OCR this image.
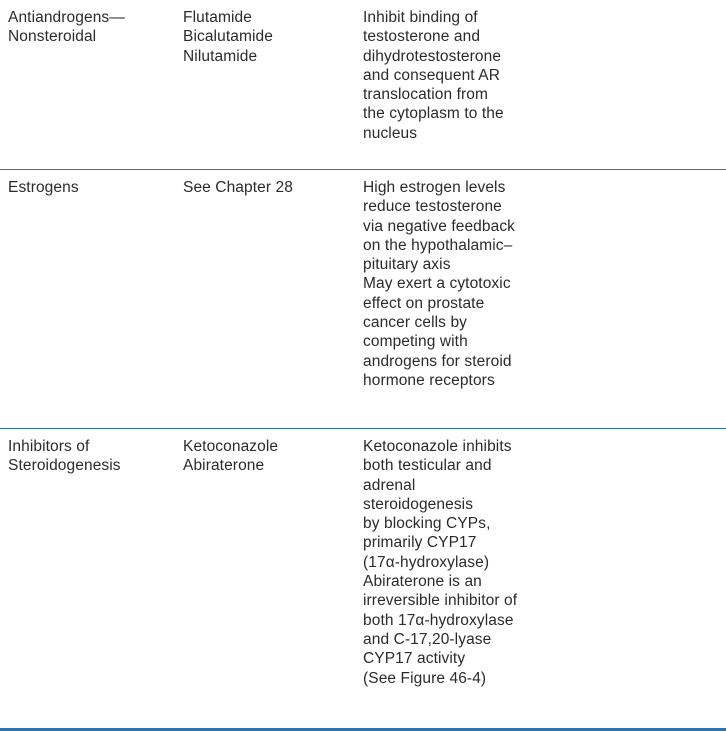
Antiandrogens—
Nonsteroidal
Flutamide
Bicalutamide
Nilutamide
Inhibit binding of
testosterone and
dihydrotestosterone
and consequent AR
translocation from
the cytoplasm to the
nucleus
Estrogens	See Chapter 28	High estrogen levels
reduce testosterone
via negative feedback
on the hypothalamic–
pituitary axis
May exert a cytotoxic
effect on prostate
cancer cells by
competing with
androgens for steroid
hormone receptors
Inhibitors of
Steroidogenesis
Ketoconazole
Abiraterone
Ketoconazole inhibits
both testicular and
adrenal
steroidogenesis
by blocking CYPs,
primarily CYP17
(17α-hydroxylase)
Abiraterone is an
irreversible inhibitor of
both 17α-hydroxylase
and C-17,20-lyase
CYP17 activity
(See Figure 46-4)
